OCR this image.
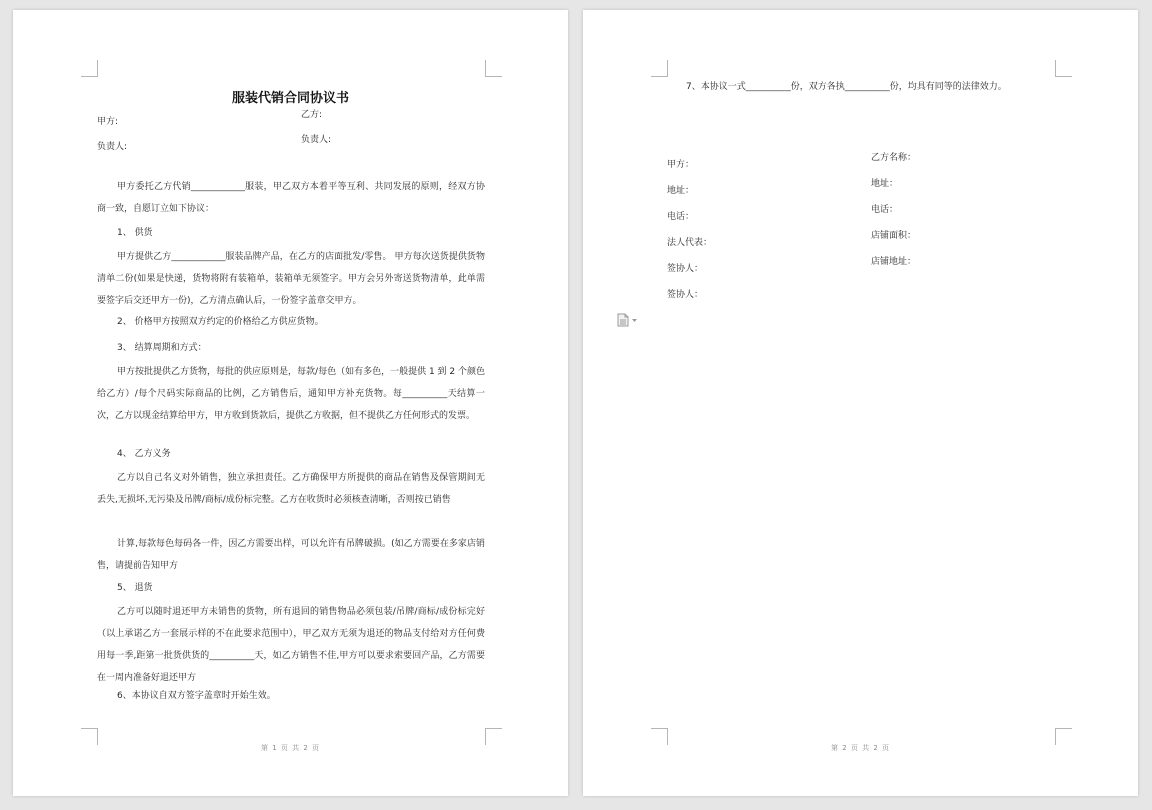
服装代销合同协议书
甲方:
乙方:
负责人:
负责人:
甲方委托乙方代销____________服装，甲乙双方本着平等互利、共同发展的原则，经双方协商一致，自愿订立如下协议：
1、 供货
甲方提供乙方____________服装品牌产品，在乙方的店面批发/零售。 甲方每次送货提供货物清单二份(如果是快递，货物将附有装箱单，装箱单无须签字。甲方会另外寄送货物清单，此单需要签字后交还甲方一份)，乙方清点确认后，一份签字盖章交甲方。
2、 价格甲方按照双方约定的价格给乙方供应货物。
3、 结算周期和方式：
甲方按批提供乙方货物，每批的供应原则是，每款/每色（如有多色，一般提供 1 到 2 个颜色给乙方）/每个尺码实际商品的比例，乙方销售后，通知甲方补充货物。每__________天结算一次，乙方以现金结算给甲方，甲方收到货款后，提供乙方收据，但不提供乙方任何形式的发票。
4、 乙方义务
乙方以自己名义对外销售，独立承担责任。乙方确保甲方所提供的商品在销售及保管期间无丢失,无损坏,无污染及吊牌/商标/成份标完整。乙方在收货时必须核查清晰，否则按已销售
计算,每款每色每码各一件，因乙方需要出样，可以允许有吊牌破损。(如乙方需要在多家店销售，请提前告知甲方
5、 退货
乙方可以随时退还甲方未销售的货物，所有退回的销售物品必须包装/吊牌/商标/成份标完好（以上承诺乙方一套展示样的不在此要求范围中），甲乙双方无须为退还的物品支付给对方任何费用每一季,距第一批货供货的__________天，如乙方销售不佳,甲方可以要求索要回产品，乙方需要在一周内准备好退还甲方
6、本协议自双方签字盖章时开始生效。
第 1 页 共 2 页
7、本协议一式__________份，双方各执__________份，均具有同等的法律效力。
甲方：
地址：
电话：
法人代表：
签协人：
签协人：
乙方名称：
地址：
电话：
店铺面积：
店铺地址：
第 2 页 共 2 页
